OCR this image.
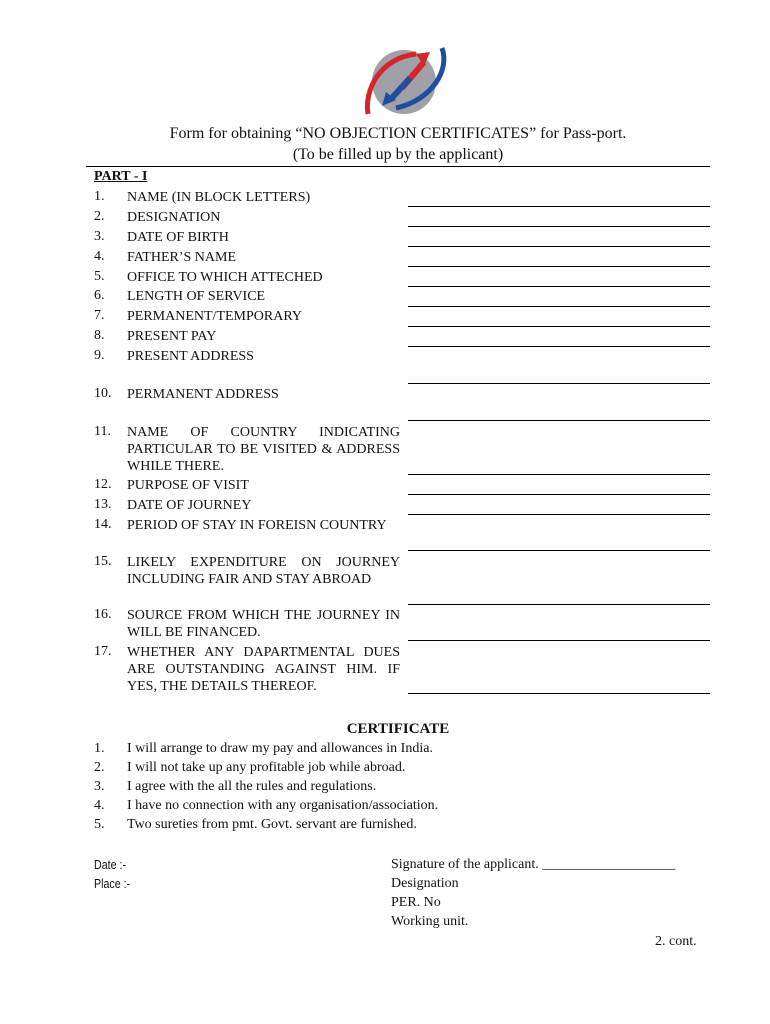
Form for obtaining “NO OBJECTION CERTIFICATES” for Pass-port.
(To be filled up by the applicant)
PART - I
1. NAME (IN BLOCK LETTERS)
2. DESIGNATION
3. DATE OF BIRTH
4. FATHER’S NAME
5. OFFICE TO WHICH ATTECHED
6. LENGTH OF SERVICE
7. PERMANENT/TEMPORARY
8. PRESENT PAY
9. PRESENT ADDRESS
10. PERMANENT ADDRESS
11. NAME OF COUNTRY INDICATING PARTICULAR TO BE VISITED & ADDRESS WHILE THERE.
12. PURPOSE OF VISIT
13. DATE OF JOURNEY
14. PERIOD OF STAY IN FOREISN COUNTRY
15. LIKELY EXPENDITURE ON JOURNEY INCLUDING FAIR AND STAY ABROAD
16. SOURCE FROM WHICH THE JOURNEY IN WILL BE FINANCED.
17. WHETHER ANY DAPARTMENTAL DUES ARE OUTSTANDING AGAINST HIM. IF YES, THE DETAILS THEREOF.
CERTIFICATE
1. I will arrange to draw my pay and allowances in India.
2. I will not take up any profitable job while abroad.
3. I agree with the all the rules and regulations.
4. I have no connection with any organisation/association.
5. Two sureties from pmt. Govt. servant are furnished.
Date :-
Place :-
Signature of the applicant. ___________________
Designation
PER. No
Working unit.
2. cont.
